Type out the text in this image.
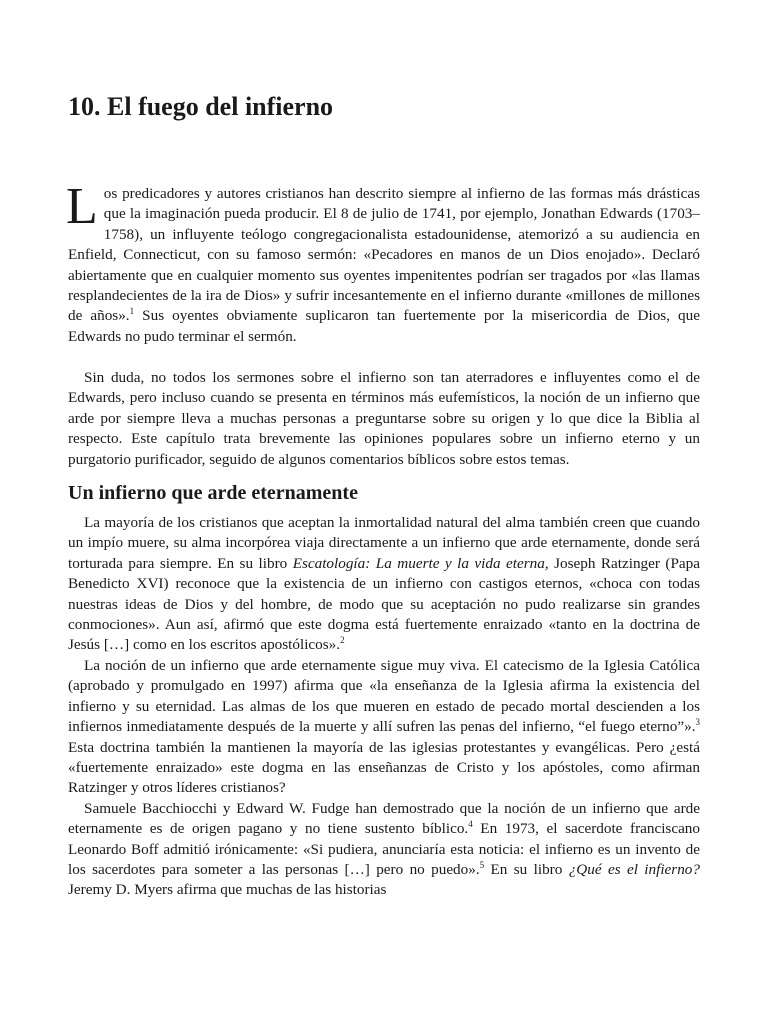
10. El fuego del infierno

Los predicadores y autores cristianos han descrito siempre al infierno de las formas más drásticas que la imaginación pueda producir. El 8 de julio de 1741, por ejemplo, Jonathan Edwards (1703–1758), un influyente teólogo congregacionalista estadounidense, atemorizó a su audiencia en Enfield, Connecticut, con su famoso sermón: «Pecadores en manos de un Dios enojado». Declaró abiertamente que en cualquier momento sus oyentes impenitentes podrían ser tragados por «las llamas resplandecientes de la ira de Dios» y sufrir incesantemente en el infierno durante «millones de millones de años».$^1$ Sus oyentes obviamente suplicaron tan fuertemente por la misericordia de Dios, que Edwards no pudo terminar el sermón.

Sin duda, no todos los sermones sobre el infierno son tan aterradores e influyentes como el de Edwards, pero incluso cuando se presenta en términos más eufemísticos, la noción de un infierno que arde por siempre lleva a muchas personas a preguntarse sobre su origen y lo que dice la Biblia al respecto. Este capítulo trata brevemente las opiniones populares sobre un infierno eterno y un purgatorio purificador, seguido de algunos comentarios bíblicos sobre estos temas.

Un infierno que arde eternamente

La mayoría de los cristianos que aceptan la inmortalidad natural del alma también creen que cuando un impío muere, su alma incorpórea viaja directamente a un infierno que arde eternamente, donde será torturada para siempre. En su libro Escatología: La muerte y la vida eterna, Joseph Ratzinger (Papa Benedicto XVI) reconoce que la existencia de un infierno con castigos eternos, «choca con todas nuestras ideas de Dios y del hombre, de modo que su aceptación no pudo realizarse sin grandes conmociones». Aun así, afirmó que este dogma está fuertemente enraizado «tanto en la doctrina de Jesús […] como en los escritos apostólicos».$^2$

La noción de un infierno que arde eternamente sigue muy viva. El catecismo de la Iglesia Católica (aprobado y promulgado en 1997) afirma que «la enseñanza de la Iglesia afirma la existencia del infierno y su eternidad. Las almas de los que mueren en estado de pecado mortal descienden a los infiernos inmediatamente después de la muerte y allí sufren las penas del infierno, “el fuego eterno”».$^3$ Esta doctrina también la mantienen la mayoría de las iglesias protestantes y evangélicas. Pero ¿está «fuertemente enraizado» este dogma en las enseñanzas de Cristo y los apóstoles, como afirman Ratzinger y otros líderes cristianos?

Samuele Bacchiocchi y Edward W. Fudge han demostrado que la noción de un infierno que arde eternamente es de origen pagano y no tiene sustento bíblico.$^4$ En 1973, el sacerdote franciscano Leonardo Boff admitió irónicamente: «Si pudiera, anunciaría esta noticia: el infierno es un invento de los sacerdotes para someter a las personas […] pero no puedo».$^5$ En su libro ¿Qué es el infierno? Jeremy D. Myers afirma que muchas de las historias
